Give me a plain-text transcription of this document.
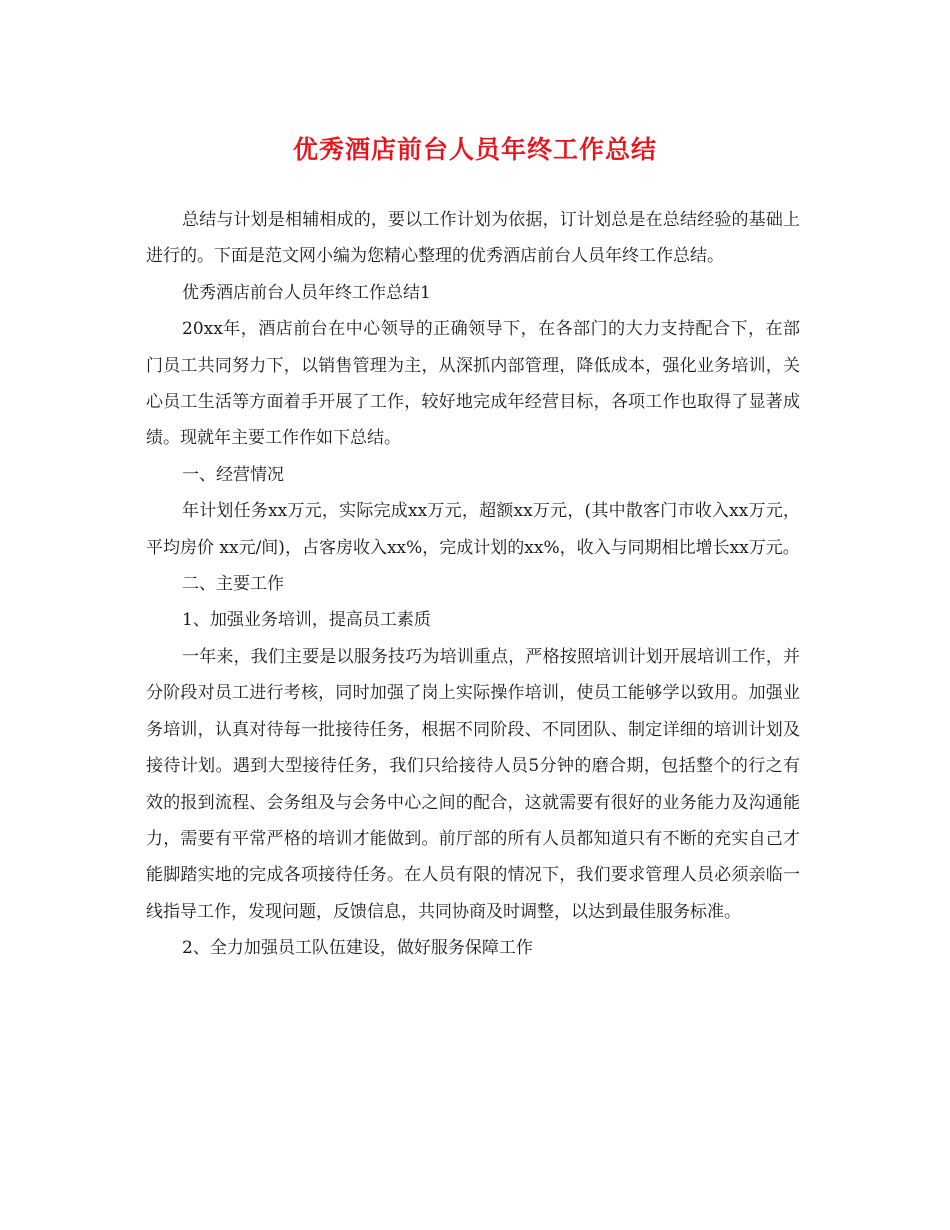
优秀酒店前台人员年终工作总结

总结与计划是相辅相成的，要以工作计划为依据，订计划总是在总结经验的基础上进行的。下面是范文网小编为您精心整理的优秀酒店前台人员年终工作总结。

优秀酒店前台人员年终工作总结1

20xx年，酒店前台在中心领导的正确领导下，在各部门的大力支持配合下，在部门员工共同努力下，以销售管理为主，从深抓内部管理，降低成本，强化业务培训，关心员工生活等方面着手开展了工作，较好地完成年经营目标，各项工作也取得了显著成绩。现就年主要工作作如下总结。

一、经营情况

年计划任务xx万元，实际完成xx万元，超额xx万元，(其中散客门市收入xx万元，平均房价 xx元/间)，占客房收入xx%，完成计划的xx%，收入与同期相比增长xx万元。

二、主要工作

1、加强业务培训，提高员工素质

一年来，我们主要是以服务技巧为培训重点，严格按照培训计划开展培训工作，并分阶段对员工进行考核，同时加强了岗上实际操作培训，使员工能够学以致用。加强业务培训，认真对待每一批接待任务，根据不同阶段、不同团队、制定详细的培训计划及接待计划。遇到大型接待任务，我们只给接待人员5分钟的磨合期，包括整个的行之有效的报到流程、会务组及与会务中心之间的配合，这就需要有很好的业务能力及沟通能力，需要有平常严格的培训才能做到。前厅部的所有人员都知道只有不断的充实自己才能脚踏实地的完成各项接待任务。在人员有限的情况下，我们要求管理人员必须亲临一线指导工作，发现问题，反馈信息，共同协商及时调整，以达到最佳服务标准。

2、全力加强员工队伍建设，做好服务保障工作
